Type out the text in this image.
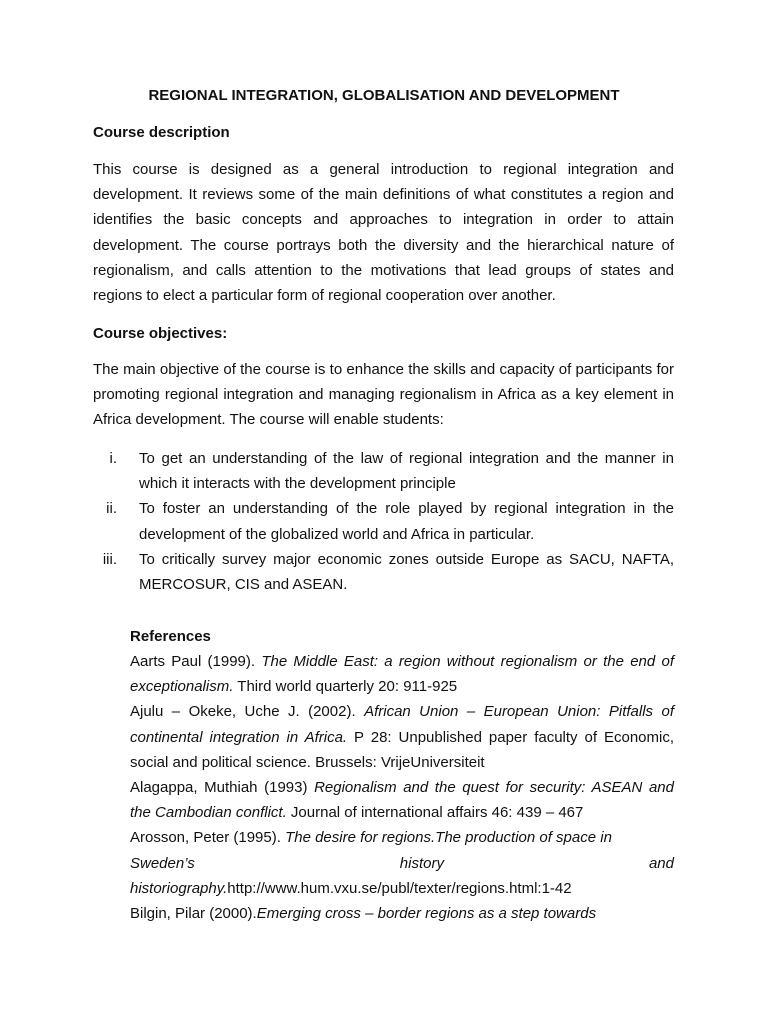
REGIONAL INTEGRATION, GLOBALISATION AND DEVELOPMENT
Course description

This course is designed as a general introduction to regional integration and development. It reviews some of the main definitions of what constitutes a region and identifies the basic concepts and approaches to integration in order to attain development. The course portrays both the diversity and the hierarchical nature of regionalism, and calls attention to the motivations that lead groups of states and regions to elect a particular form of regional cooperation over another.

Course objectives:

The main objective of the course is to enhance the skills and capacity of participants for promoting regional integration and managing regionalism in Africa as a key element in Africa development. The course will enable students:

i. To get an understanding of the law of regional integration and the manner in which it interacts with the development principle
ii. To foster an understanding of the role played by regional integration in the development of the globalized world and Africa in particular.
iii. To critically survey major economic zones outside Europe as SACU, NAFTA, MERCOSUR, CIS and ASEAN.
References
Aarts Paul (1999). The Middle East: a region without regionalism or the end of exceptionalism. Third world quarterly 20: 911-925
Ajulu – Okeke, Uche J. (2002). African Union – European Union: Pitfalls of continental integration in Africa. P 28: Unpublished paper faculty of Economic, social and political science. Brussels: VrijeUniversiteit
Alagappa, Muthiah (1993) Regionalism and the quest for security: ASEAN and the Cambodian conflict. Journal of international affairs 46: 439 – 467
Arosson, Peter (1995). The desire for regions.The production of space in
Sweden’s	history	and
historiography.http://www.hum.vxu.se/publ/texter/regions.html:1-42
Bilgin, Pilar (2000).Emerging cross – border regions as a step towards
